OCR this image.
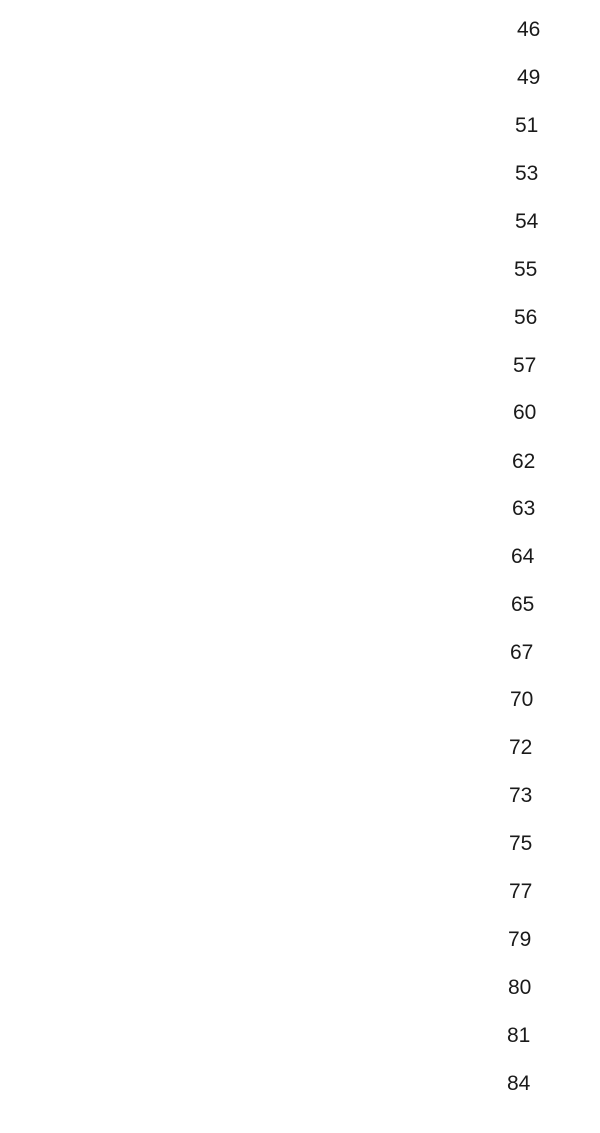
46
49
51
53
54
55
56
57
60
62
63
64
65
67
70
72
73
75
77
79
80
81
84
